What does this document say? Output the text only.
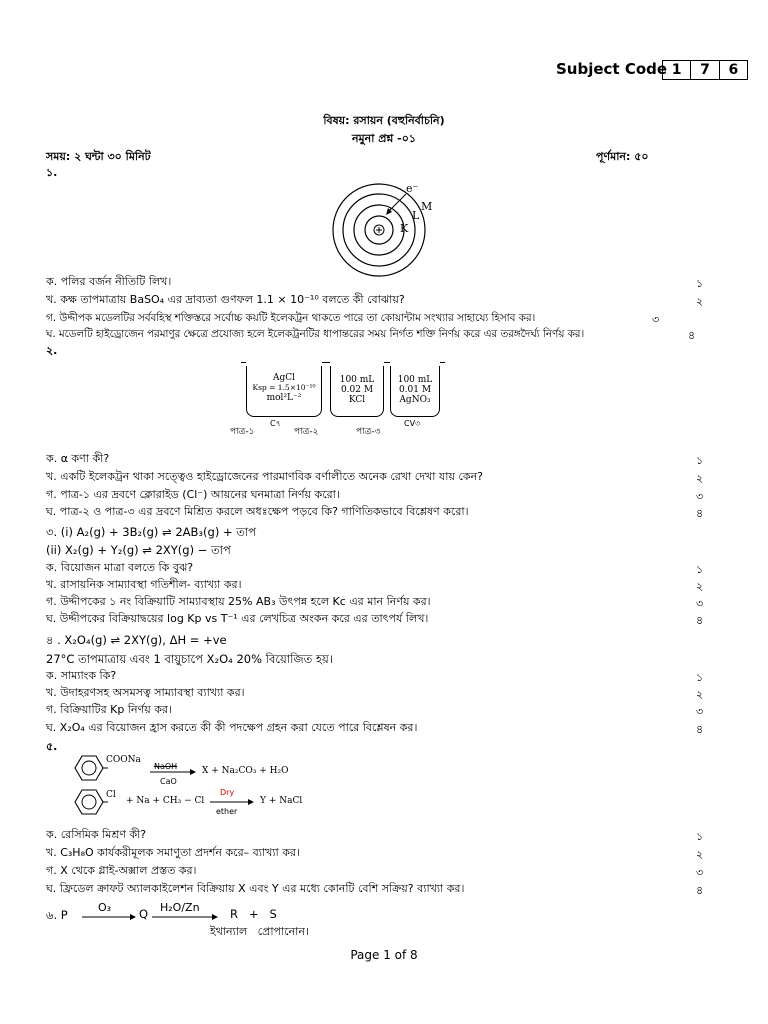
Subject Code 1	7	6
বিষয়: রসায়ন (বহুনির্বাচনি)
নমুনা প্রশ্ন -০১
সময়: ২ ঘন্টা ৩০ মিনিট	পূর্ণমান: ৫০
১.
e⁻
M
L
K
ক. পলির বর্জন নীতিটি লিখ।	১
খ. কক্ষ তাপমাত্রায় BaSO₄ এর দ্রাব্যতা গুণফল 1.1 × 10⁻¹⁰ বলতে কী বোঝায়?	২
গ. উদ্দীপক মডেলটির সর্ববহিস্থ শক্তিস্তরে সর্বোচ্চ কয়টি ইলেকট্রন থাকতে পারে তা কোয়ান্টাম সংখ্যার সাহায্যে হিসাব কর।	৩
ঘ. মডেলটি হাইড্রোজেন পরমাণুর ক্ষেত্রে প্রযোজ্য হলে ইলেকট্রনটির ধাপান্তরের সময় নির্গত শক্তি নির্ণয় করে এর তরঙ্গদৈর্ঘ্য নির্ণয় কর।	৪
২.
AgCl
Ksp = 1.5×10⁻¹⁰
mol²L⁻²
100 mL
0.02 M
KCl
100 mL
0.01 M
AgNO₃
পাত্র-১
C৭
পাত্র-২	পাত্র-৩
CV৩
ক. α কণা কী?	১
খ. একটি ইলেকট্রন থাকা সত্ত্বেও হাইড্রোজেনের পারমাণবিক বর্ণালীতে অনেক রেখা দেখা যায় কেন?	২
গ. পাত্র-১ এর দ্রবণে ক্লোরাইড (Cl⁻) আয়নের ঘনমাত্রা নির্ণয় করো।	৩
ঘ. পাত্র-২ ও পাত্র-৩ এর দ্রবণে মিশ্রিত করলে অধঃক্ষেপ পড়বে কি? গাণিতিকভাবে বিশ্লেষণ করো।	৪
৩. (i) A₂(g) + 3B₂(g) ⇌ 2AB₃(g) + তাপ
(ii) X₂(g) + Y₂(g) ⇌ 2XY(g) − তাপ
ক. বিয়োজন মাত্রা বলতে কি বুঝ?	১
খ. রাসায়নিক সাম্যাবস্থা গতিশীল- ব্যাখ্যা কর।	২
গ. উদ্দীপকের ১ নং বিক্রিয়াটি সাম্যাবস্থায় 25% AB₃ উৎপন্ন হলে Kc এর মান নির্ণয় কর।	৩
ঘ. উদ্দীপকের বিক্রিয়াদ্বয়ের log Kp vs T⁻¹ এর লেখচিত্র অংকন করে এর তাৎপর্য লিখ।	৪
৪ . X₂O₄(g) ⇌ 2XY(g), ΔH = +ve
27°C তাপমাত্রায় এবং 1 বায়ুচাপে X₂O₄ 20% বিয়োজিত হয়।
ক. সাম্যাংক কি?	১
খ. উদাহরণসহ অসমসত্ব সাম্যাবস্থা ব্যাখ্যা কর।	২
গ. বিক্রিয়াটির Kp নির্ণয় কর।	৩
ঘ. X₂O₄ এর বিয়োজন হ্রাস করতে কী কী পদক্ষেপ গ্রহন করা যেতে পারে বিশ্লেষন কর।	৪
৫.
COONa
NaOH
CaO
X + Na₂CO₃ + H₂O
Cl
+ Na + CH₃ − Cl
Dry
ether
Y + NaCl
ক. রেসিমিক মিশ্রণ কী?	১
খ. C₃H₈O কার্যকরীমূলক সমাণুতা প্রদর্শন করে– ব্যাখ্যা কর।	২
গ. X থেকে গ্লাই-অক্সাল প্রস্তত কর।	৩
ঘ. ফ্রিডেল ক্রাফট অ্যালকাইলেশন বিক্রিয়ায় X এবং Y এর মধ্যে কোনটি বেশি সক্রিয়? ব্যাখ্যা কর।	৪
৬. P
O₃ → Q H₂O/Zn	R   +   S
ইথান্যাল   প্রোপানোন।
Page 1 of 8
